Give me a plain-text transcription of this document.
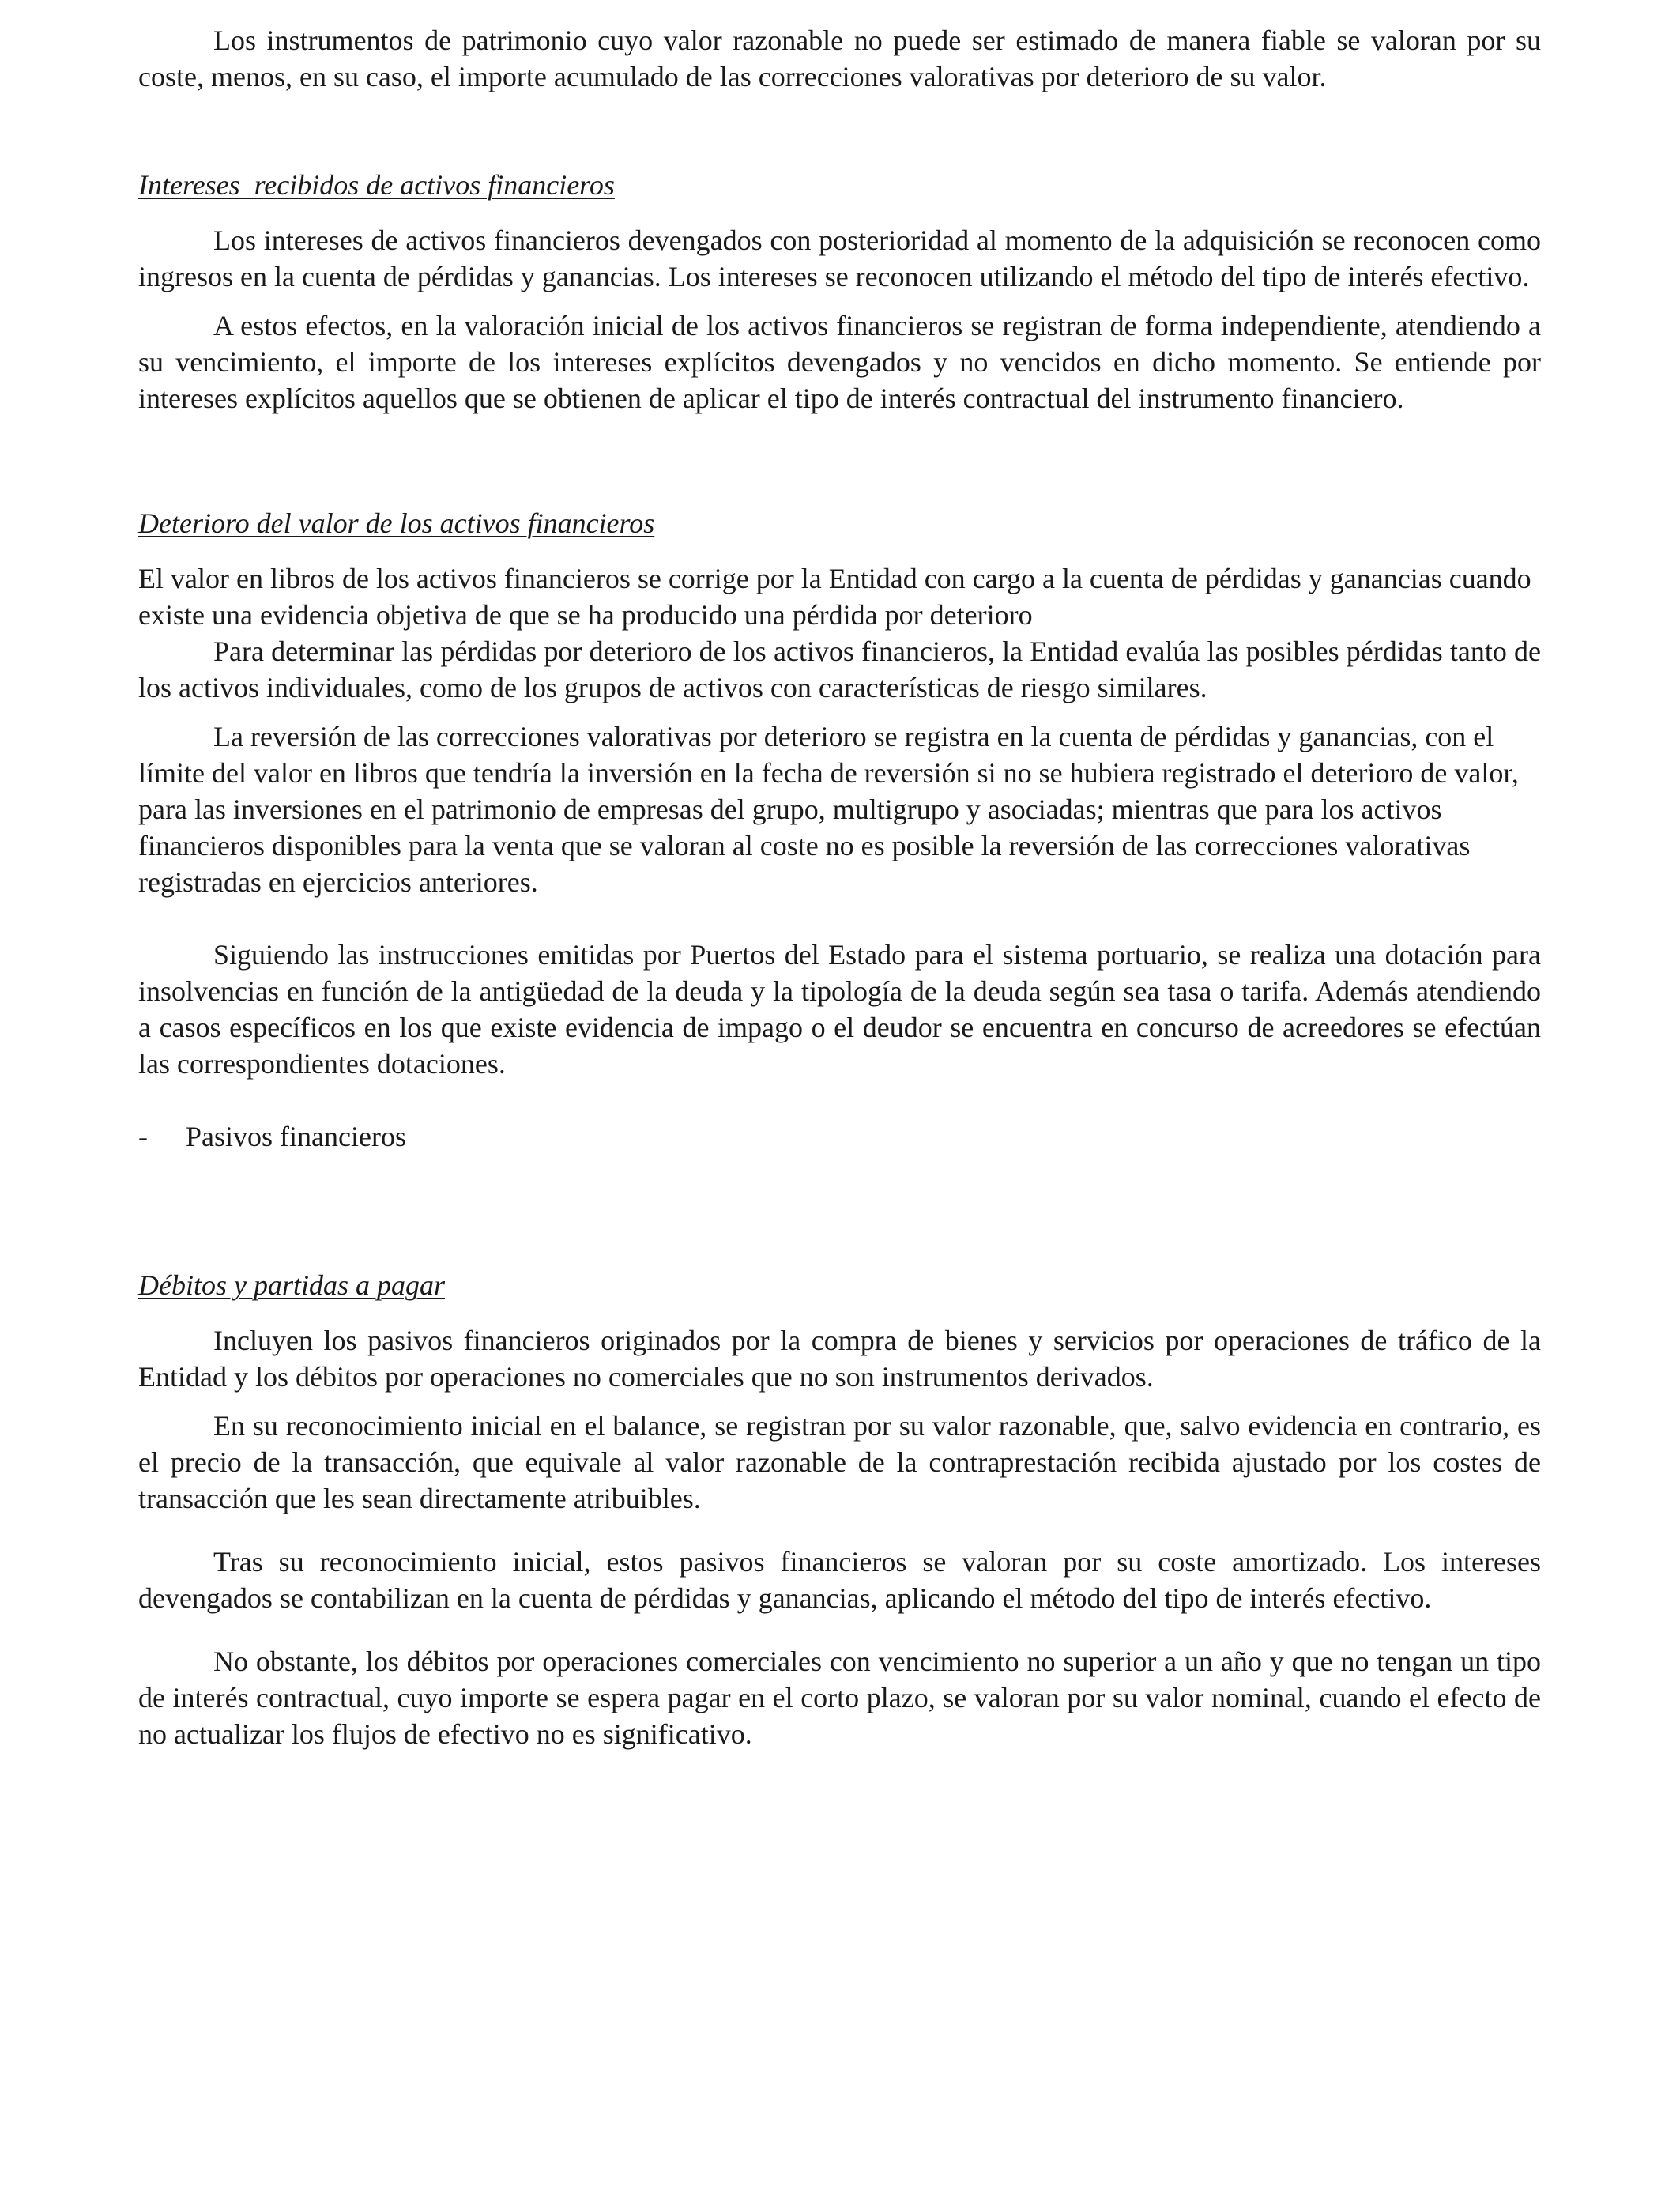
Los instrumentos de patrimonio cuyo valor razonable no puede ser estimado de manera fiable se valoran por su coste, menos, en su caso, el importe acumulado de las correcciones valorativas por deterioro de su valor.

Intereses  recibidos de activos financieros

Los intereses de activos financieros devengados con posterioridad al momento de la adquisición se reconocen como ingresos en la cuenta de pérdidas y ganancias. Los intereses se reconocen utilizando el método del tipo de interés efectivo.

A estos efectos, en la valoración inicial de los activos financieros se registran de forma independiente, atendiendo a su vencimiento, el importe de los intereses explícitos devengados y no vencidos en dicho momento. Se entiende por intereses explícitos aquellos que se obtienen de aplicar el tipo de interés contractual del instrumento financiero.

Deterioro del valor de los activos financieros

El valor en libros de los activos financieros se corrige por la Entidad con cargo a la cuenta de pérdidas y ganancias cuando existe una evidencia objetiva de que se ha producido una pérdida por deterioro

Para determinar las pérdidas por deterioro de los activos financieros, la Entidad evalúa las posibles pérdidas tanto de los activos individuales, como de los grupos de activos con características de riesgo similares.

La reversión de las correcciones valorativas por deterioro se registra en la cuenta de pérdidas y ganancias, con el límite del valor en libros que tendría la inversión en la fecha de reversión si no se hubiera registrado el deterioro de valor, para las inversiones en el patrimonio de empresas del grupo, multigrupo y asociadas; mientras que para los activos financieros disponibles para la venta que se valoran al coste no es posible la reversión de las correcciones valorativas registradas en ejercicios anteriores.

Siguiendo las instrucciones emitidas por Puertos del Estado para el sistema portuario, se realiza una dotación para insolvencias en función de la antigüedad de la deuda y la tipología de la deuda según sea tasa o tarifa. Además atendiendo a casos específicos en los que existe evidencia de impago o el deudor se encuentra en concurso de acreedores se efectúan las correspondientes dotaciones.

-	Pasivos financieros

Débitos y partidas a pagar

Incluyen los pasivos financieros originados por la compra de bienes y servicios por operaciones de tráfico de la Entidad y los débitos por operaciones no comerciales que no son instrumentos derivados.

En su reconocimiento inicial en el balance, se registran por su valor razonable, que, salvo evidencia en contrario, es el precio de la transacción, que equivale al valor razonable de la contraprestación recibida ajustado por los costes de transacción que les sean directamente atribuibles.

Tras su reconocimiento inicial, estos pasivos financieros se valoran por su coste amortizado. Los intereses devengados se contabilizan en la cuenta de pérdidas y ganancias, aplicando el método del tipo de interés efectivo.

No obstante, los débitos por operaciones comerciales con vencimiento no superior a un año y que no tengan un tipo de interés contractual, cuyo importe se espera pagar en el corto plazo, se valoran por su valor nominal, cuando el efecto de no actualizar los flujos de efectivo no es significativo.
